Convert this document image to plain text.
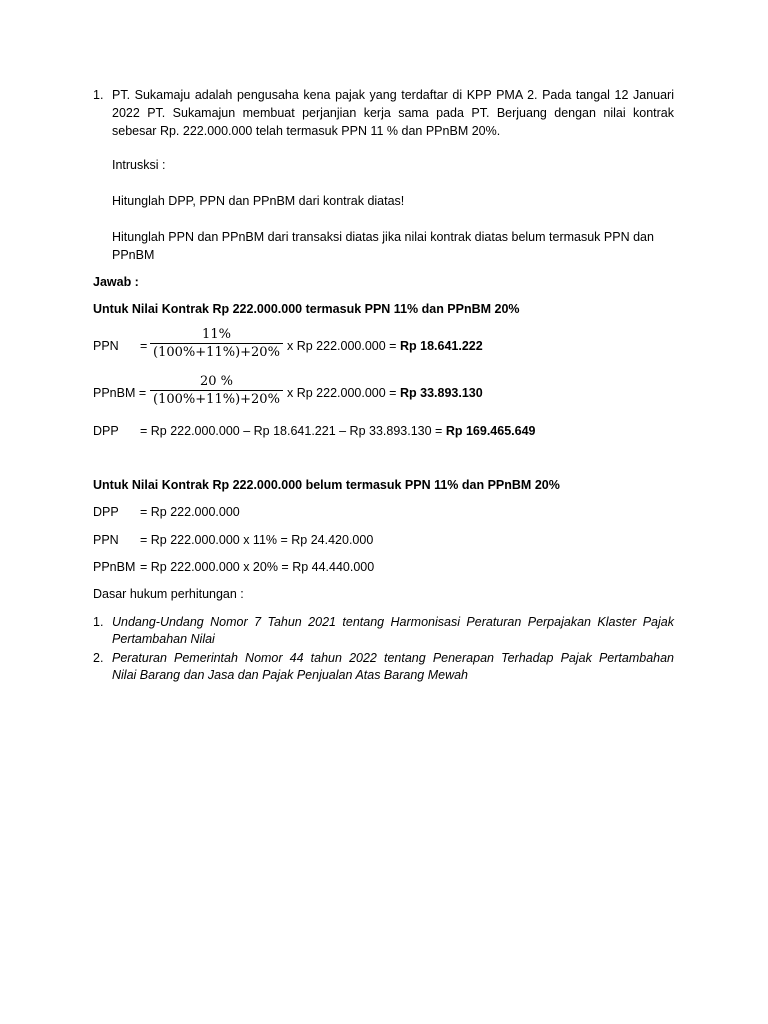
1. PT. Sukamaju adalah pengusaha kena pajak yang terdaftar di KPP PMA 2. Pada tangal 12 Januari
2022 PT. Sukamajun membuat perjanjian kerja sama pada PT. Berjuang dengan nilai kontrak
sebesar Rp. 222.000.000 telah termasuk PPN 11 % dan PPnBM 20%.
Intrusksi :
Hitunglah DPP, PPN dan PPnBM dari kontrak diatas!
Hitunglah PPN dan PPnBM dari transaksi diatas jika nilai kontrak diatas belum termasuk PPN dan
PPnBM
Jawab :
Untuk Nilai Kontrak Rp 222.000.000 termasuk PPN 11% dan PPnBM 20%
PPN =
11%
(100%+11%)+20% x Rp 222.000.000 = Rp 18.641.222
PPnBM =
20 %
(100%+11%)+20% x Rp 222.000.000 = Rp 33.893.130
DPP = Rp 222.000.000 – Rp 18.641.221 – Rp 33.893.130 = Rp 169.465.649
Untuk Nilai Kontrak Rp 222.000.000 belum termasuk PPN 11% dan PPnBM 20%
DPP = Rp 222.000.000
PPN = Rp 222.000.000 x 11% = Rp 24.420.000
PPnBM = Rp 222.000.000 x 20% = Rp 44.440.000
Dasar hukum perhitungan :
1. Undang-Undang Nomor 7 Tahun 2021 tentang Harmonisasi Peraturan Perpajakan Klaster Pajak
Pertambahan Nilai
2. Peraturan Pemerintah Nomor 44 tahun 2022 tentang Penerapan Terhadap Pajak Pertambahan
Nilai Barang dan Jasa dan Pajak Penjualan Atas Barang Mewah
